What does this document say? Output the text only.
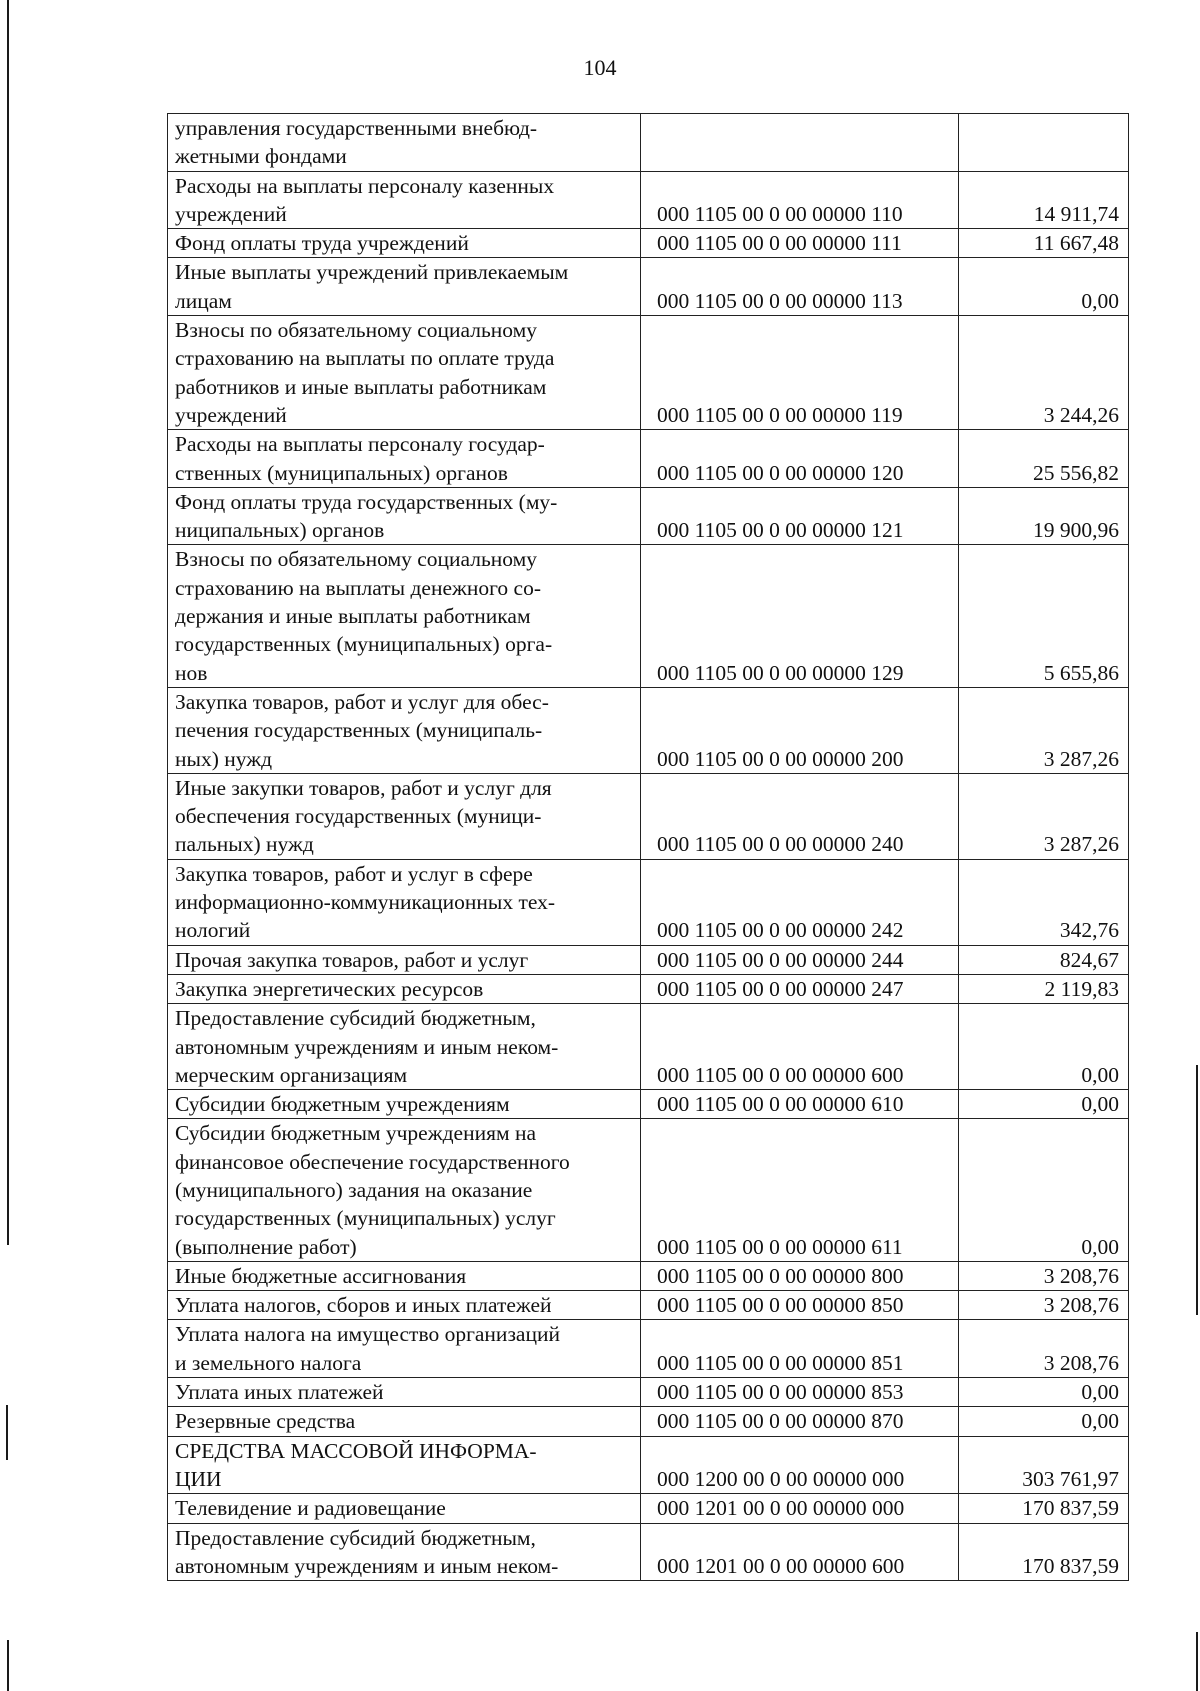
104
управления государственными внебюд-
жетными фондами		
Расходы на выплаты персоналу казенных
учреждений	000 1105 00 0 00 00000 110	14 911,74
Фонд оплаты труда учреждений	000 1105 00 0 00 00000 111	11 667,48
Иные выплаты учреждений привлекаемым
лицам	000 1105 00 0 00 00000 113	0,00
Взносы по обязательному социальному
страхованию на выплаты по оплате труда
работников и иные выплаты работникам
учреждений	000 1105 00 0 00 00000 119	3 244,26
Расходы на выплаты персоналу государ-
ственных (муниципальных) органов	000 1105 00 0 00 00000 120	25 556,82
Фонд оплаты труда государственных (му-
ниципальных) органов	000 1105 00 0 00 00000 121	19 900,96
Взносы по обязательному социальному
страхованию на выплаты денежного со-
держания и иные выплаты работникам
государственных (муниципальных) орга-
нов	000 1105 00 0 00 00000 129	5 655,86
Закупка товаров, работ и услуг для обес-
печения государственных (муниципаль-
ных) нужд	000 1105 00 0 00 00000 200	3 287,26
Иные закупки товаров, работ и услуг для
обеспечения государственных (муници-
пальных) нужд	000 1105 00 0 00 00000 240	3 287,26
Закупка товаров, работ и услуг в сфере
информационно-коммуникационных тех-
нологий	000 1105 00 0 00 00000 242	342,76
Прочая закупка товаров, работ и услуг	000 1105 00 0 00 00000 244	824,67
Закупка энергетических ресурсов	000 1105 00 0 00 00000 247	2 119,83
Предоставление субсидий бюджетным,
автономным учреждениям и иным неком-
мерческим организациям	000 1105 00 0 00 00000 600	0,00
Субсидии бюджетным учреждениям	000 1105 00 0 00 00000 610	0,00
Субсидии бюджетным учреждениям на
финансовое обеспечение государственного
(муниципального) задания на оказание
государственных (муниципальных) услуг
(выполнение работ)	000 1105 00 0 00 00000 611	0,00
Иные бюджетные ассигнования	000 1105 00 0 00 00000 800	3 208,76
Уплата налогов, сборов и иных платежей	000 1105 00 0 00 00000 850	3 208,76
Уплата налога на имущество организаций
и земельного налога	000 1105 00 0 00 00000 851	3 208,76
Уплата иных платежей	000 1105 00 0 00 00000 853	0,00
Резервные средства	000 1105 00 0 00 00000 870	0,00
СРЕДСТВА МАССОВОЙ ИНФОРМА-
ЦИИ	000 1200 00 0 00 00000 000	303 761,97
Телевидение и радиовещание	000 1201 00 0 00 00000 000	170 837,59
Предоставление субсидий бюджетным,
автономным учреждениям и иным неком-	000 1201 00 0 00 00000 600	170 837,59
